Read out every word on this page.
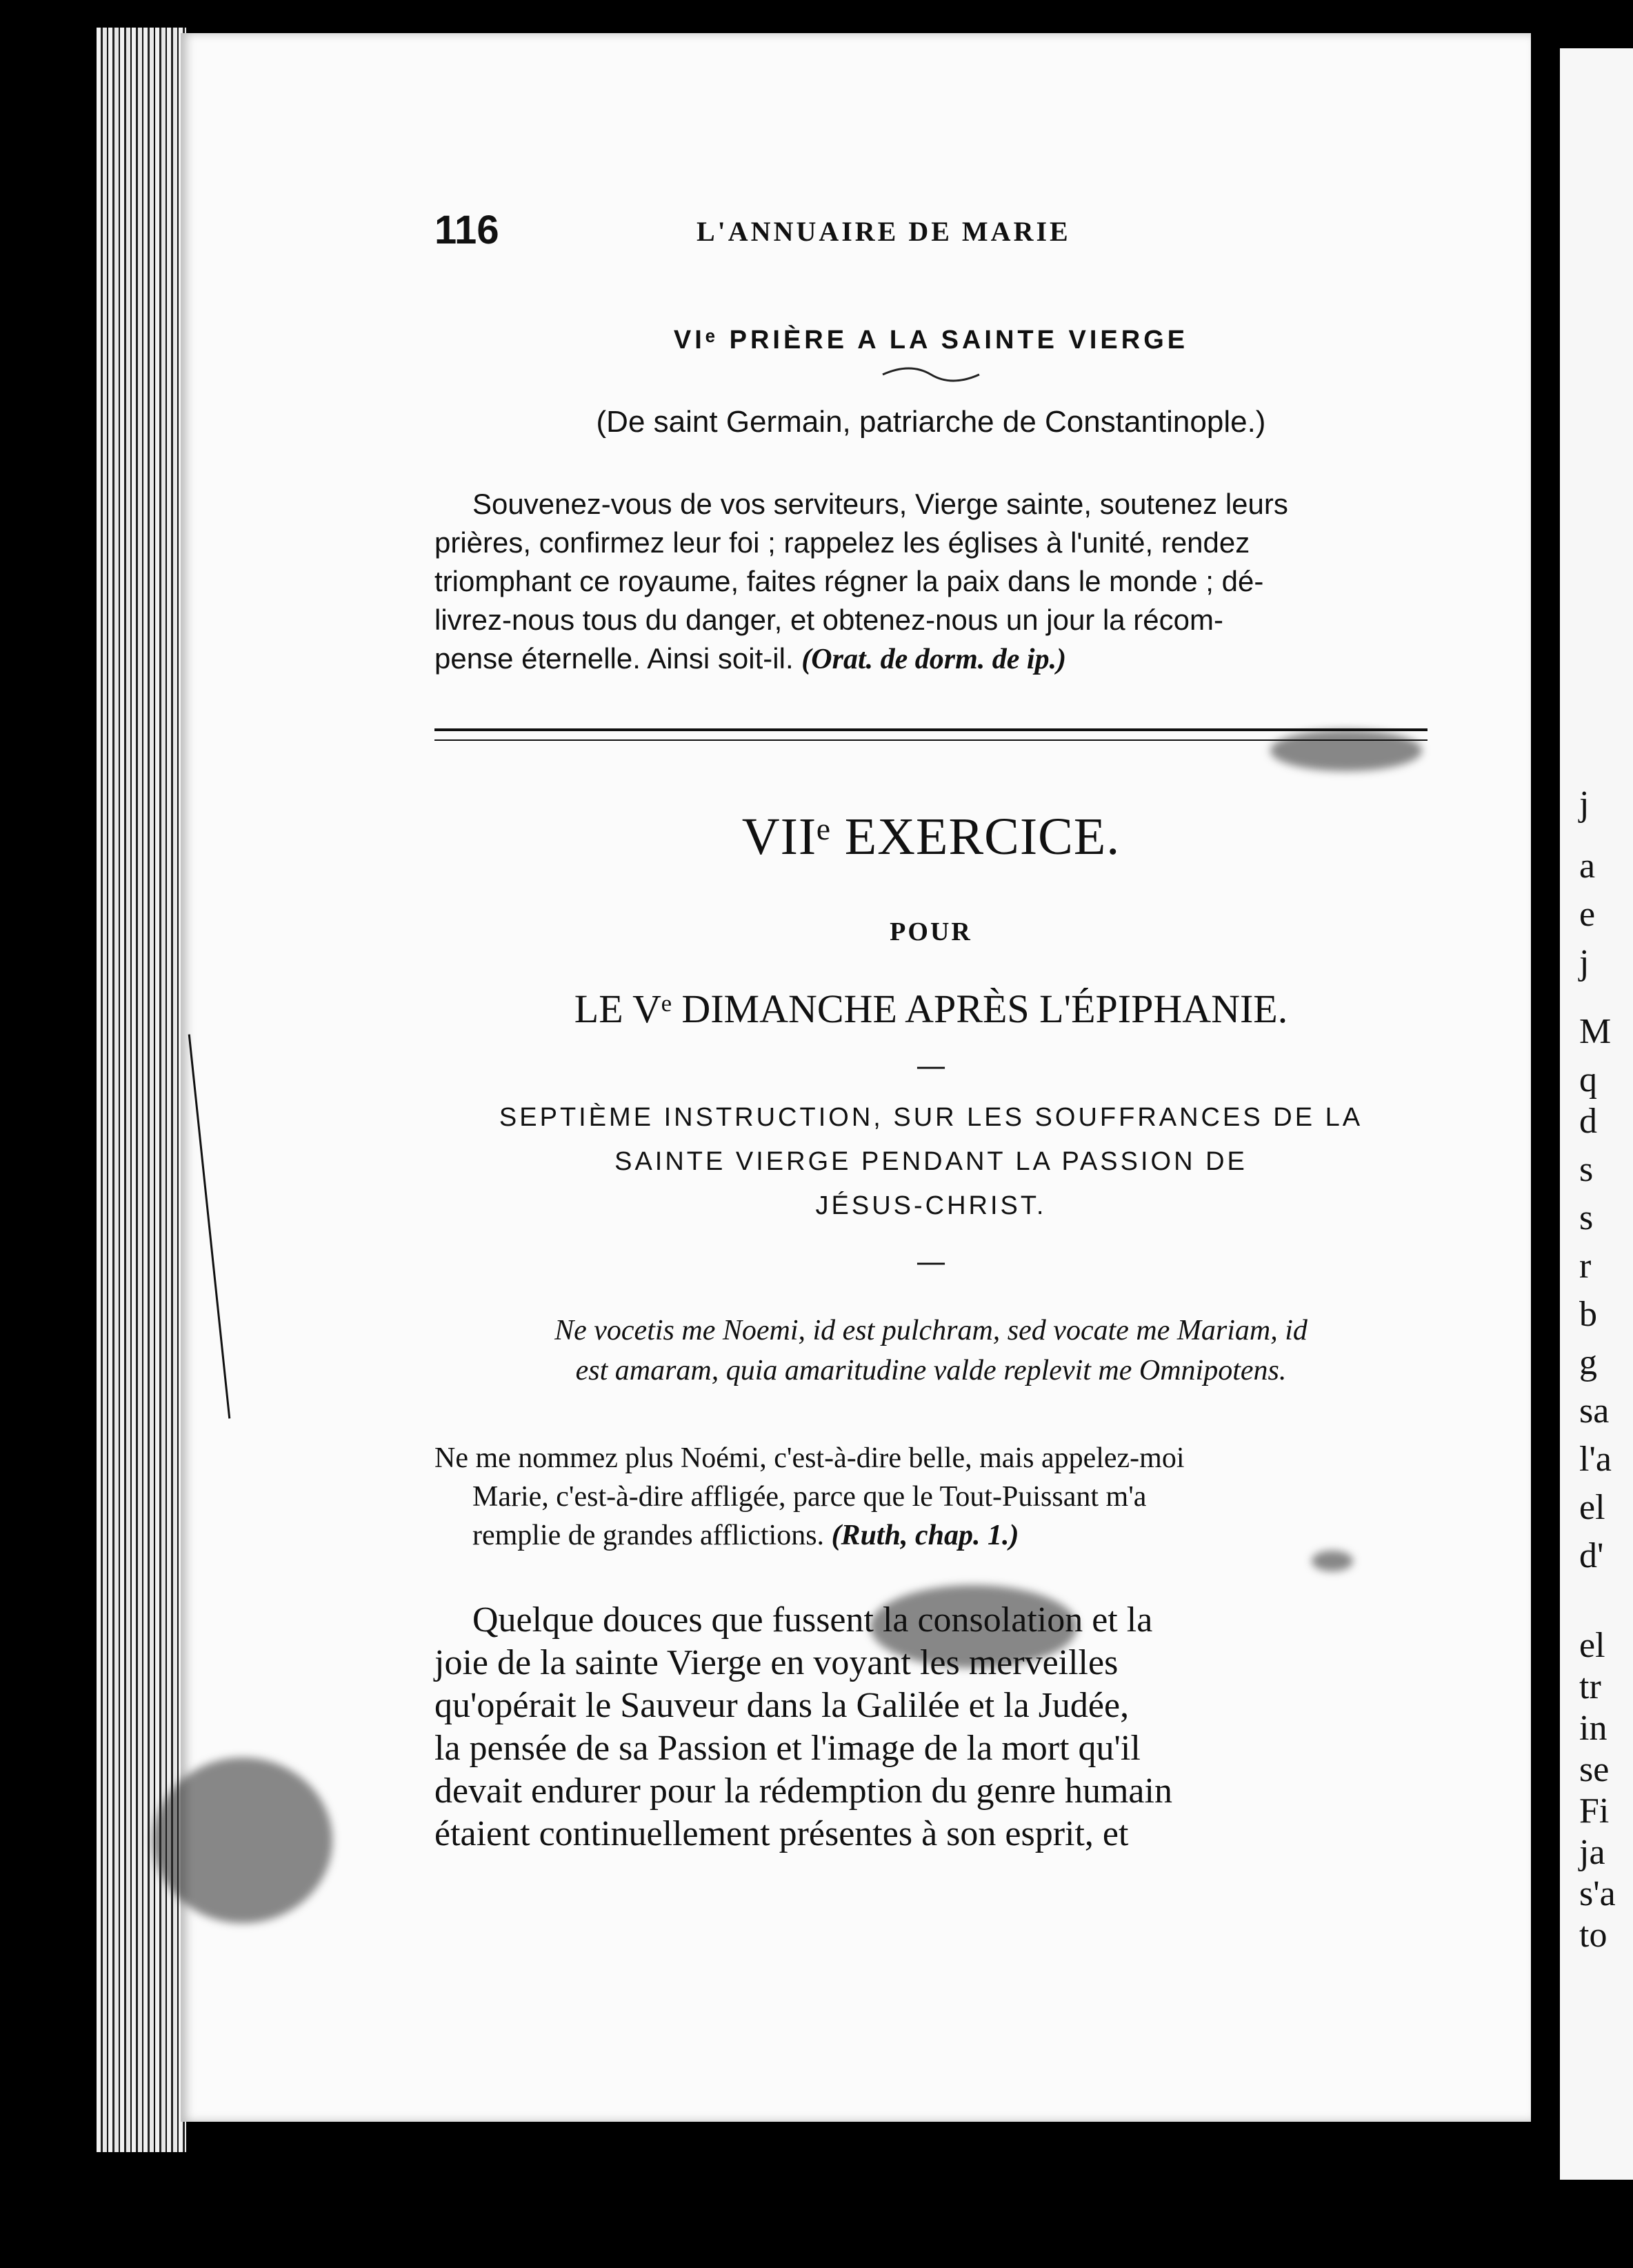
j
a
e
j
M
q
d
s
s
r
b
g
sa
l'a
el
d'
el
tr
in
se
Fi
ja
s'a
to
116	L'ANNUAIRE DE MARIE
VIᵉ PRIÈRE A LA SAINTE VIERGE
(De saint Germain, patriarche de Constantinople.)
Souvenez-vous de vos serviteurs, Vierge sainte, soutenez leurs
prières, confirmez leur foi ; rappelez les églises à l'unité, rendez
triomphant ce royaume, faites régner la paix dans le monde ; dé-
livrez-nous tous du danger, et obtenez-nous un jour la récom-
pense éternelle. Ainsi soit-il. (Orat. de dorm. de ip.)
VIIᵉ EXERCICE.
POUR
LE Vᵉ DIMANCHE APRÈS L'ÉPIPHANIE.
—
SEPTIÈME INSTRUCTION, SUR LES SOUFFRANCES DE LA
SAINTE VIERGE PENDANT LA PASSION DE
JÉSUS-CHRIST.
—
Ne vocetis me Noemi, id est pulchram, sed vocate me Mariam, id
est amaram, quia amaritudine valde replevit me Omnipotens.
Ne me nommez plus Noémi, c'est-à-dire belle, mais appelez-moi
Marie, c'est-à-dire affligée, parce que le Tout-Puissant m'a
remplie de grandes afflictions. (Ruth, chap. 1.)
Quelque douces que fussent la consolation et la
joie de la sainte Vierge en voyant les merveilles
qu'opérait le Sauveur dans la Galilée et la Judée,
la pensée de sa Passion et l'image de la mort qu'il
devait endurer pour la rédemption du genre humain
étaient continuellement présentes à son esprit, et
